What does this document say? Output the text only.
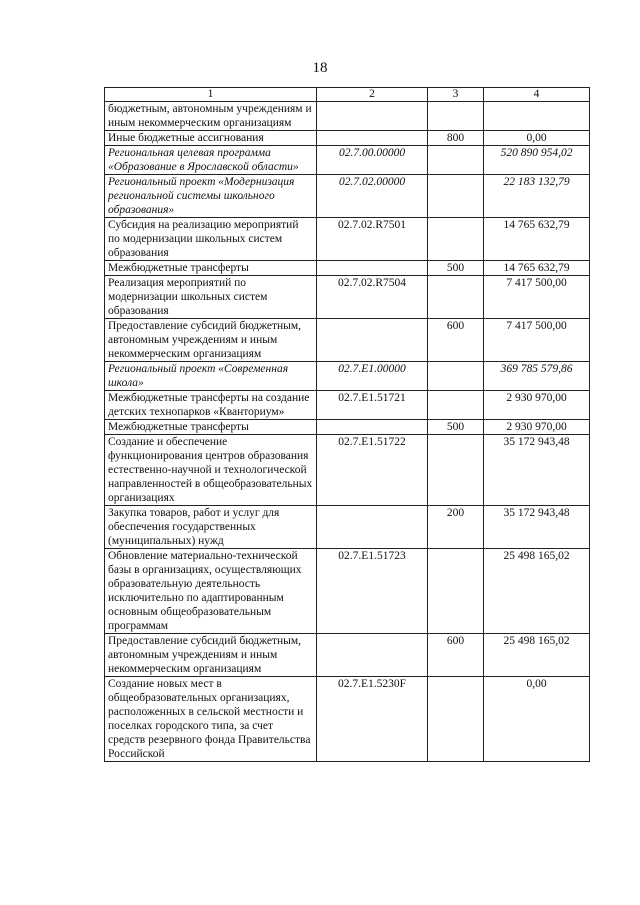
18
1	2	3	4
бюджетным, автономным учреждениям и иным некоммерческим организациям			
Иные бюджетные ассигнования		800	0,00
Региональная целевая программа «Образование в Ярославской области»	02.7.00.00000		520 890 954,02
Региональный проект «Модернизация региональной системы школьного образования»	02.7.02.00000		22 183 132,79
Субсидия на реализацию мероприятий по модернизации школьных систем образования	02.7.02.R7501		14 765 632,79
Межбюджетные трансферты		500	14 765 632,79
Реализация мероприятий по модернизации школьных систем образования	02.7.02.R7504		7 417 500,00
Предоставление субсидий бюджетным, автономным учреждениям и иным некоммерческим организациям		600	7 417 500,00
Региональный проект «Современная школа»	02.7.E1.00000		369 785 579,86
Межбюджетные трансферты на создание детских технопарков «Кванториум»	02.7.E1.51721		2 930 970,00
Межбюджетные трансферты		500	2 930 970,00
Создание и обеспечение функционирования центров образования естественно-научной и технологической направленностей в общеобразовательных организациях	02.7.E1.51722		35 172 943,48
Закупка товаров, работ и услуг для обеспечения государственных (муниципальных) нужд		200	35 172 943,48
Обновление материально-технической базы в организациях, осуществляющих образовательную деятельность исключительно по адаптированным основным общеобразовательным программам	02.7.E1.51723		25 498 165,02
Предоставление субсидий бюджетным, автономным учреждениям и иным некоммерческим организациям		600	25 498 165,02
Создание новых мест в общеобразовательных организациях, расположенных в сельской местности и поселках городского типа, за счет средств резервного фонда Правительства Российской	02.7.E1.5230F		0,00
